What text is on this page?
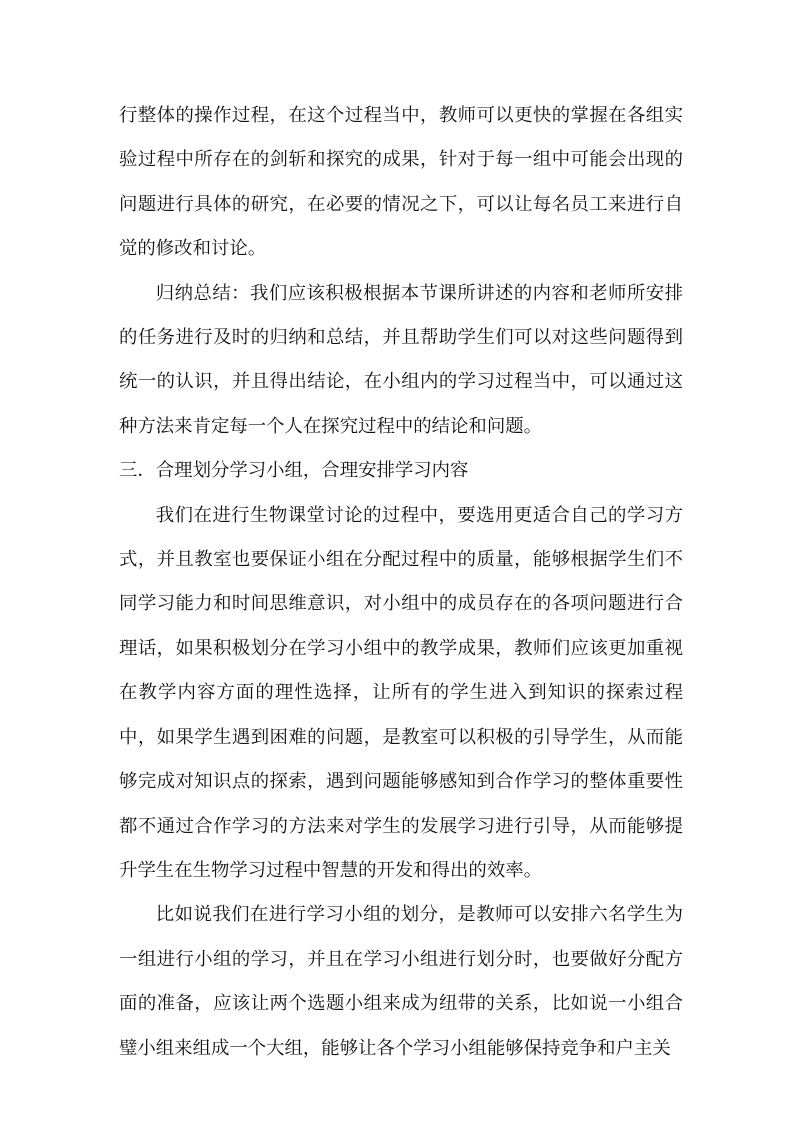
行整体的操作过程，在这个过程当中，教师可以更快的掌握在各组实验过程中所存在的剑斩和探究的成果，针对于每一组中可能会出现的问题进行具体的研究，在必要的情况之下，可以让每名员工来进行自觉的修改和讨论。

归纳总结：我们应该积极根据本节课所讲述的内容和老师所安排的任务进行及时的归纳和总结，并且帮助学生们可以对这些问题得到统一的认识，并且得出结论，在小组内的学习过程当中，可以通过这种方法来肯定每一个人在探究过程中的结论和问题。

三．合理划分学习小组，合理安排学习内容

我们在进行生物课堂讨论的过程中，要选用更适合自己的学习方式，并且教室也要保证小组在分配过程中的质量，能够根据学生们不同学习能力和时间思维意识，对小组中的成员存在的各项问题进行合理话，如果积极划分在学习小组中的教学成果，教师们应该更加重视在教学内容方面的理性选择，让所有的学生进入到知识的探索过程中，如果学生遇到困难的问题，是教室可以积极的引导学生，从而能够完成对知识点的探索，遇到问题能够感知到合作学习的整体重要性都不通过合作学习的方法来对学生的发展学习进行引导，从而能够提升学生在生物学习过程中智慧的开发和得出的效率。

比如说我们在进行学习小组的划分，是教师可以安排六名学生为一组进行小组的学习，并且在学习小组进行划分时，也要做好分配方面的准备，应该让两个选题小组来成为纽带的关系，比如说一小组合璧小组来组成一个大组，能够让各个学习小组能够保持竞争和户主关
